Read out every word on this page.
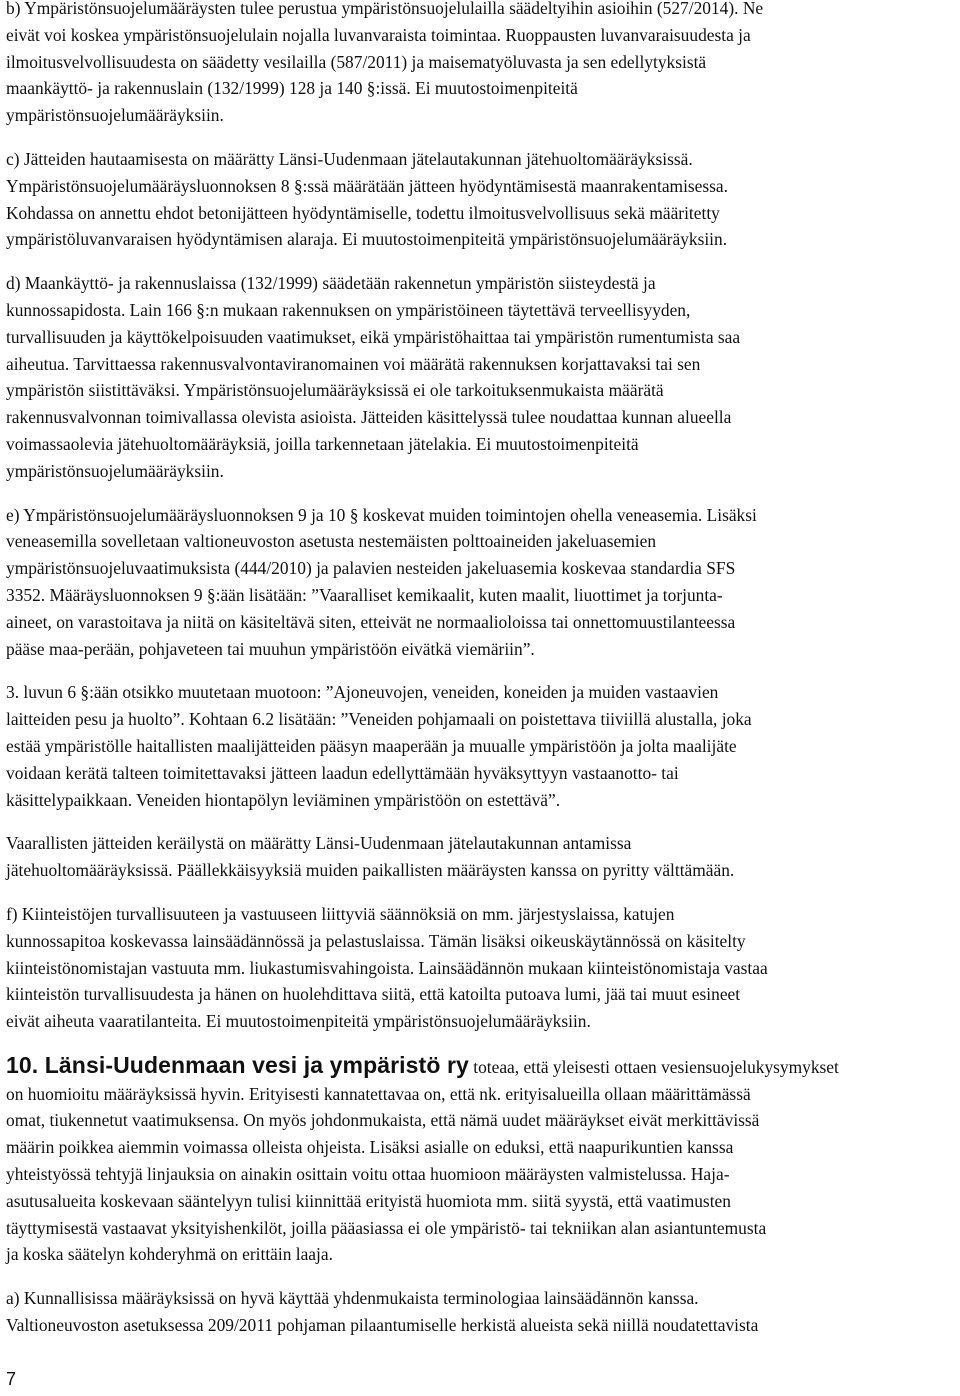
b) Ympäristönsuojelumääräysten tulee perustua ympäristönsuojelulailla säädeltyihin asioihin (527/2014). Ne
eivät voi koskea ympäristönsuojelulain nojalla luvanvaraista toimintaa. Ruoppausten luvanvaraisuudesta ja
ilmoitusvelvollisuudesta on säädetty vesilailla (587/2011) ja maisematyöluvasta ja sen edellytyksistä
maankäyttö- ja rakennuslain (132/1999) 128 ja 140 §:issä. Ei muutostoimenpiteitä
ympäristönsuojelumääräyksiin.

c) Jätteiden hautaamisesta on määrätty Länsi-Uudenmaan jätelautakunnan jätehuoltomääräyksissä.
Ympäristönsuojelumääräysluonnoksen 8 §:ssä määrätään jätteen hyödyntämisestä maanrakentamisessa.
Kohdassa on annettu ehdot betonijätteen hyödyntämiselle, todettu ilmoitusvelvollisuus sekä määritetty
ympäristöluvanvaraisen hyödyntämisen alaraja. Ei muutostoimenpiteitä ympäristönsuojelumääräyksiin.

d) Maankäyttö- ja rakennuslaissa (132/1999) säädetään rakennetun ympäristön siisteydestä ja
kunnossapidosta. Lain 166 §:n mukaan rakennuksen on ympäristöineen täytettävä terveellisyyden,
turvallisuuden ja käyttökelpoisuuden vaatimukset, eikä ympäristöhaittaa tai ympäristön rumentumista saa
aiheutua. Tarvittaessa rakennusvalvontaviranomainen voi määrätä rakennuksen korjattavaksi tai sen
ympäristön siistittäväksi. Ympäristönsuojelumääräyksissä ei ole tarkoituksenmukaista määrätä
rakennusvalvonnan toimivallassa olevista asioista. Jätteiden käsittelyssä tulee noudattaa kunnan alueella
voimassaolevia jätehuoltomääräyksiä, joilla tarkennetaan jätelakia. Ei muutostoimenpiteitä
ympäristönsuojelumääräyksiin.

e) Ympäristönsuojelumääräysluonnoksen 9 ja 10 § koskevat muiden toimintojen ohella veneasemia. Lisäksi
veneasemilla sovelletaan valtioneuvoston asetusta nestemäisten polttoaineiden jakeluasemien
ympäristönsuojeluvaatimuksista (444/2010) ja palavien nesteiden jakeluasemia koskevaa standardia SFS
3352. Määräysluonnoksen 9 §:ään lisätään: ”Vaaralliset kemikaalit, kuten maalit, liuottimet ja torjunta-
aineet, on varastoitava ja niitä on käsiteltävä siten, etteivät ne normaalioloissa tai onnettomuustilanteessa
pääse maa-perään, pohjaveteen tai muuhun ympäristöön eivätkä viemäriin”.

3. luvun 6 §:ään otsikko muutetaan muotoon: ”Ajoneuvojen, veneiden, koneiden ja muiden vastaavien
laitteiden pesu ja huolto”. Kohtaan 6.2 lisätään: ”Veneiden pohjamaali on poistettava tiiviillä alustalla, joka
estää ympäristölle haitallisten maalijätteiden pääsyn maaperään ja muualle ympäristöön ja jolta maalijäte
voidaan kerätä talteen toimitettavaksi jätteen laadun edellyttämään hyväksyttyyn vastaanotto- tai
käsittelypaikkaan. Veneiden hiontapölyn leviäminen ympäristöön on estettävä”.

Vaarallisten jätteiden keräilystä on määrätty Länsi-Uudenmaan jätelautakunnan antamissa
jätehuoltomääräyksissä. Päällekkäisyyksiä muiden paikallisten määräysten kanssa on pyritty välttämään.

f) Kiinteistöjen turvallisuuteen ja vastuuseen liittyviä säännöksiä on mm. järjestyslaissa, katujen
kunnossapitoa koskevassa lainsäädännössä ja pelastuslaissa. Tämän lisäksi oikeuskäytännössä on käsitelty
kiinteistönomistajan vastuuta mm. liukastumisvahingoista. Lainsäädännön mukaan kiinteistönomistaja vastaa
kiinteistön turvallisuudesta ja hänen on huolehdittava siitä, että katoilta putoava lumi, jää tai muut esineet
eivät aiheuta vaaratilanteita. Ei muutostoimenpiteitä ympäristönsuojelumääräyksiin.

10. Länsi-Uudenmaan vesi ja ympäristö ry toteaa, että yleisesti ottaen vesiensuojelukysymykset
on huomioitu määräyksissä hyvin. Erityisesti kannatettavaa on, että nk. erityisalueilla ollaan määrittämässä
omat, tiukennetut vaatimuksensa. On myös johdonmukaista, että nämä uudet määräykset eivät merkittävissä
määrin poikkea aiemmin voimassa olleista ohjeista. Lisäksi asialle on eduksi, että naapurikuntien kanssa
yhteistyössä tehtyjä linjauksia on ainakin osittain voitu ottaa huomioon määräysten valmistelussa. Haja-
asutusalueita koskevaan sääntelyyn tulisi kiinnittää erityistä huomiota mm. siitä syystä, että vaatimusten
täyttymisestä vastaavat yksityishenkilöt, joilla pääasiassa ei ole ympäristö- tai tekniikan alan asiantuntemusta
ja koska säätelyn kohderyhmä on erittäin laaja.

a) Kunnallisissa määräyksissä on hyvä käyttää yhdenmukaista terminologiaa lainsäädännön kanssa.
Valtioneuvoston asetuksessa 209/2011 pohjaman pilaantumiselle herkistä alueista sekä niillä noudatettavista

7
